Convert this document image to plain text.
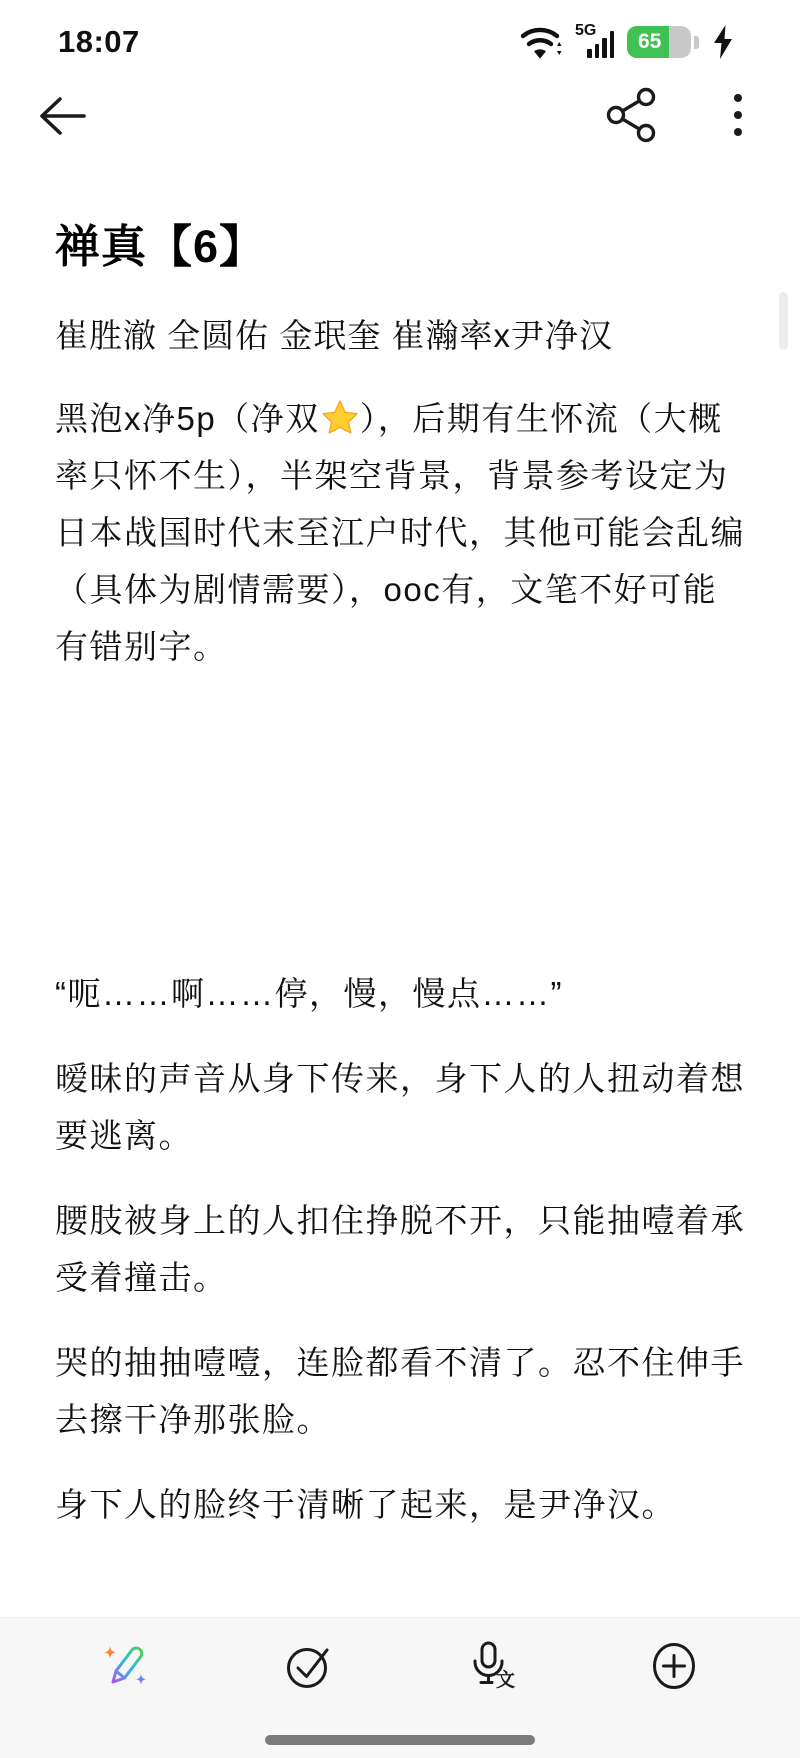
18:07	5G	65
禅真【6】

崔胜澈 全圆佑 金珉奎 崔瀚率x尹净汉

黑泡x净5p（净双 ），后期有生怀流（大概率只怀不生），半架空背景，背景参考设定为日本战国时代末至江户时代，其他可能会乱编（具体为剧情需要），ooc有，文笔不好可能有错别字。

“呃……啊……停，慢，慢点……”

暧昧的声音从身下传来，身下人的人扭动着想要逃离。

腰肢被身上的人扣住挣脱不开，只能抽噎着承受着撞击。

哭的抽抽噎噎，连脸都看不清了。忍不住伸手去擦干净那张脸。

身下人的脸终于清晰了起来，是尹净汉。

文
